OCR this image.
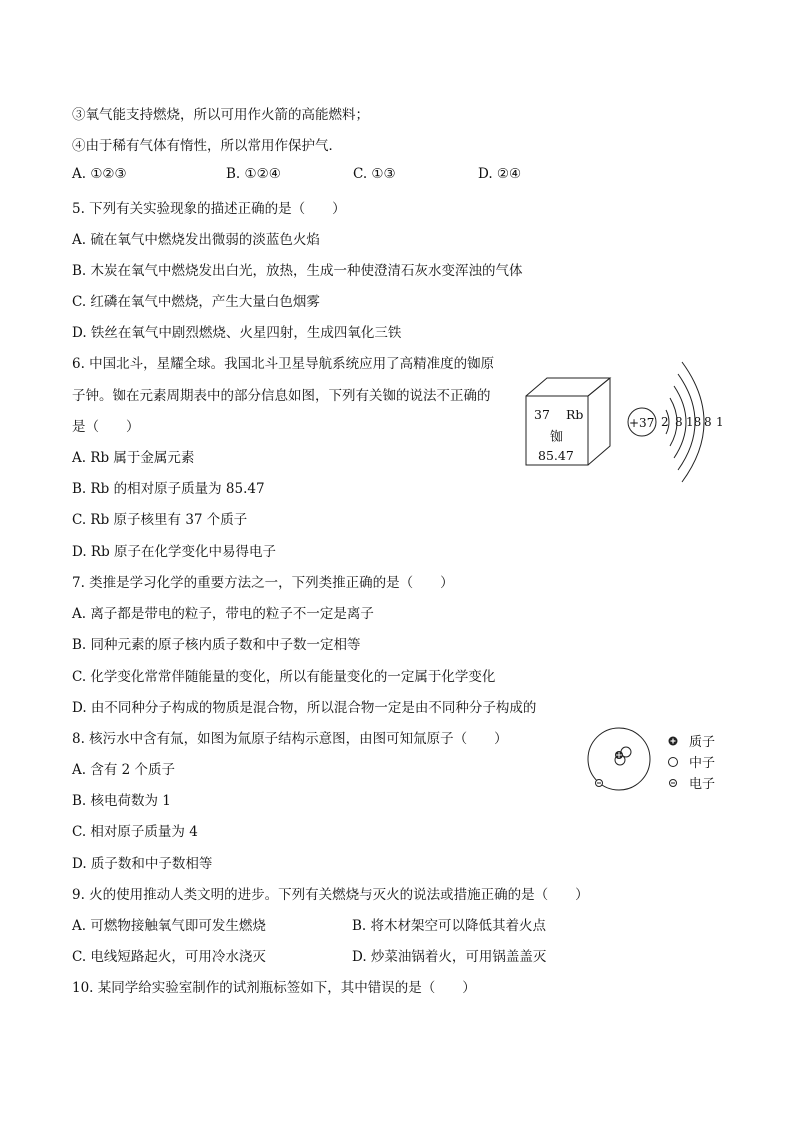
③氧气能支持燃烧，所以可用作火箭的高能燃料；
④由于稀有气体有惰性，所以常用作保护气．
A. ①②③	B. ①②④	C. ①③	D. ②④
5. 下列有关实验现象的描述正确的是（　　）
A. 硫在氧气中燃烧发出微弱的淡蓝色火焰
B. 木炭在氧气中燃烧发出白光，放热，生成一种使澄清石灰水变浑浊的气体
C. 红磷在氧气中燃烧，产生大量白色烟雾
D. 铁丝在氧气中剧烈燃烧、火星四射，生成四氧化三铁
6. 中国北斗，星耀全球。我国北斗卫星导航系统应用了高精准度的铷原
子钟。铷在元素周期表中的部分信息如图，下列有关铷的说法不正确的
是（　　）
A. Rb 属于金属元素
B. Rb 的相对原子质量为 85.47
C. Rb 原子核里有 37 个质子
D. Rb 原子在化学变化中易得电子
37 Rb
铷
85.47
+37 2 8 18 8 1
7. 类推是学习化学的重要方法之一，下列类推正确的是（　　）
A. 离子都是带电的粒子，带电的粒子不一定是离子
B. 同种元素的原子核内质子数和中子数一定相等
C. 化学变化常常伴随能量的变化，所以有能量变化的一定属于化学变化
D. 由不同种分子构成的物质是混合物，所以混合物一定是由不同种分子构成的
8. 核污水中含有氚，如图为氚原子结构示意图，由图可知氚原子（　　）
A. 含有 2 个质子
B. 核电荷数为 1
C. 相对原子质量为 4
D. 质子数和中子数相等
质子
中子
电子
9. 火的使用推动人类文明的进步。下列有关燃烧与灭火的说法或措施正确的是（　　）
A. 可燃物接触氧气即可发生燃烧	B. 将木材架空可以降低其着火点
C. 电线短路起火，可用冷水浇灭	D. 炒菜油锅着火，可用锅盖盖灭
10. 某同学给实验室制作的试剂瓶标签如下，其中错误的是（　　）
